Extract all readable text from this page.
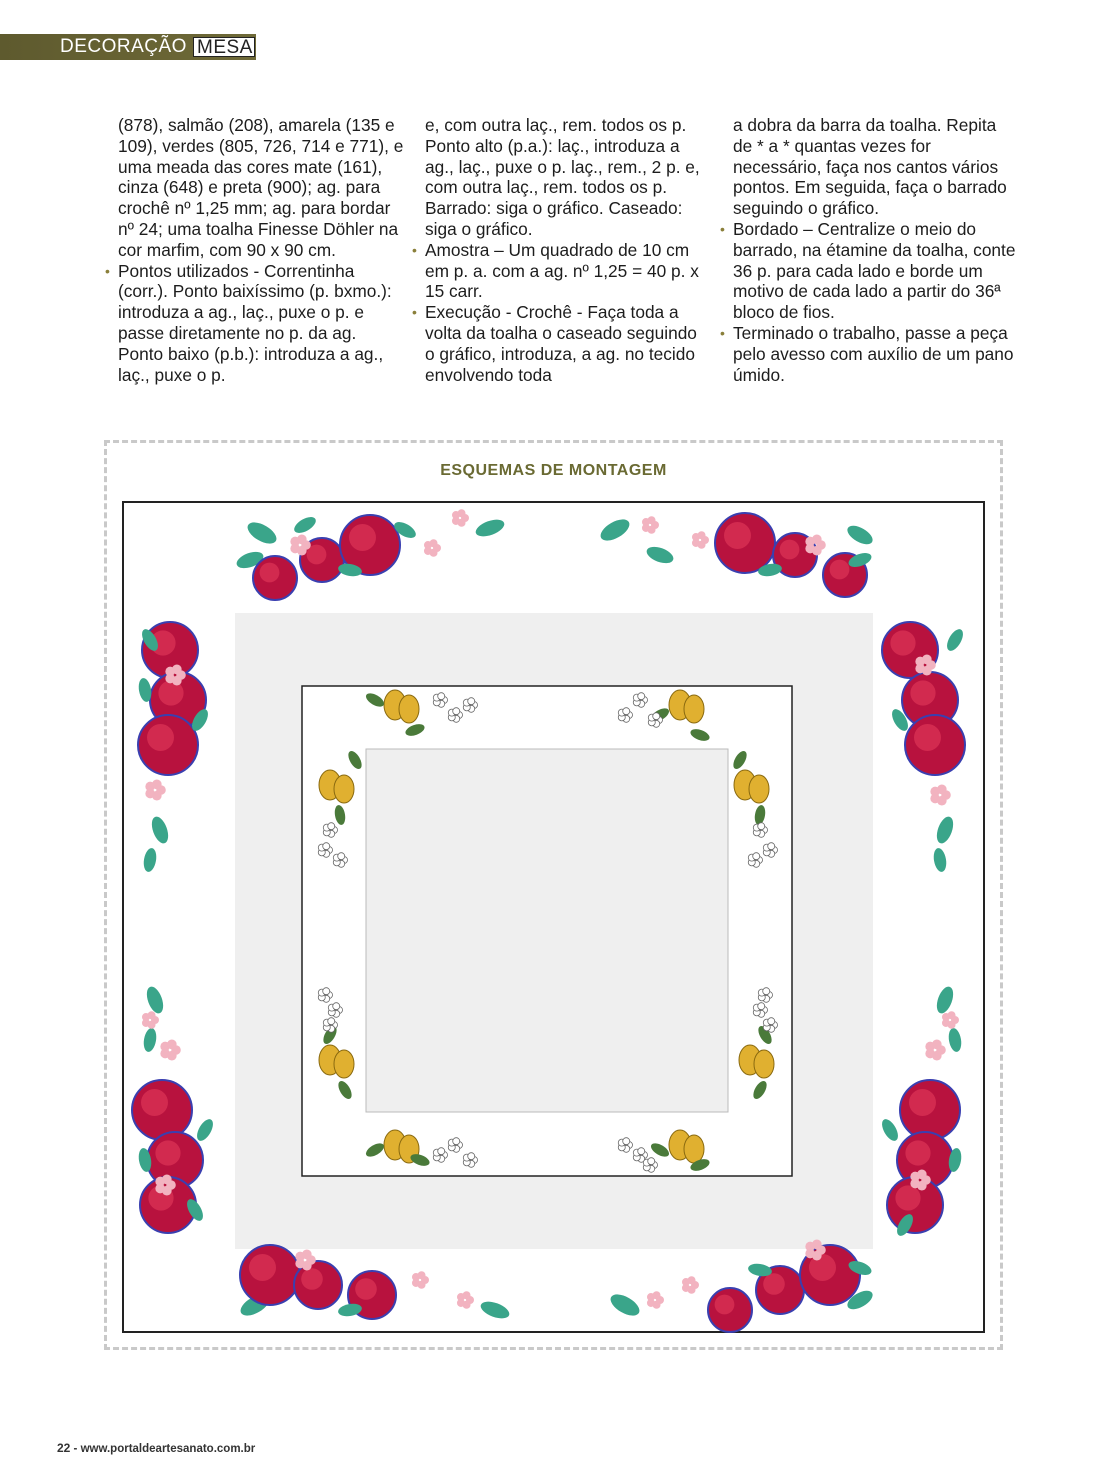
DECORAÇÃO MESA

(878), salmão (208), amarela (135 e 109), verdes (805, 726, 714 e 771), e uma meada das cores mate (161), cinza (648) e preta (900); ag. para crochê nº 1,25 mm; ag. para bordar nº 24; uma toalha Finesse Döhler na cor marfim, com 90 x 90 cm.

• Pontos utilizados - Correntinha (corr.). Ponto baixíssimo (p. bxmo.): introduza a ag., laç., puxe o p. e passe diretamente no p. da ag. Ponto baixo (p.b.): introduza a ag., laç., puxe o p.

e, com outra laç., rem. todos os p. Ponto alto (p.a.): laç., introduza a ag., laç., puxe o p. laç., rem., 2 p. e, com outra laç., rem. todos os p. Barrado: siga o gráfico. Caseado: siga o gráfico.

• Amostra – Um quadrado de 10 cm em p. a. com a ag. nº 1,25 = 40 p. x 15 carr.

• Execução - Crochê - Faça toda a volta da toalha o caseado seguindo o gráfico, introduza, a ag. no tecido envolvendo toda

a dobra da barra da toalha. Repita de * a * quantas vezes for necessário, faça nos cantos vários pontos. Em seguida, faça o barrado seguindo o gráfico.

• Bordado – Centralize o meio do barrado, na étamine da toalha, conte 36 p. para cada lado e borde um motivo de cada lado a partir do 36ª bloco de fios.

• Terminado o trabalho, passe a peça pelo avesso com auxílio de um pano úmido.

ESQUEMAS DE MONTAGEM
22 - www.portaldeartesanato.com.br
